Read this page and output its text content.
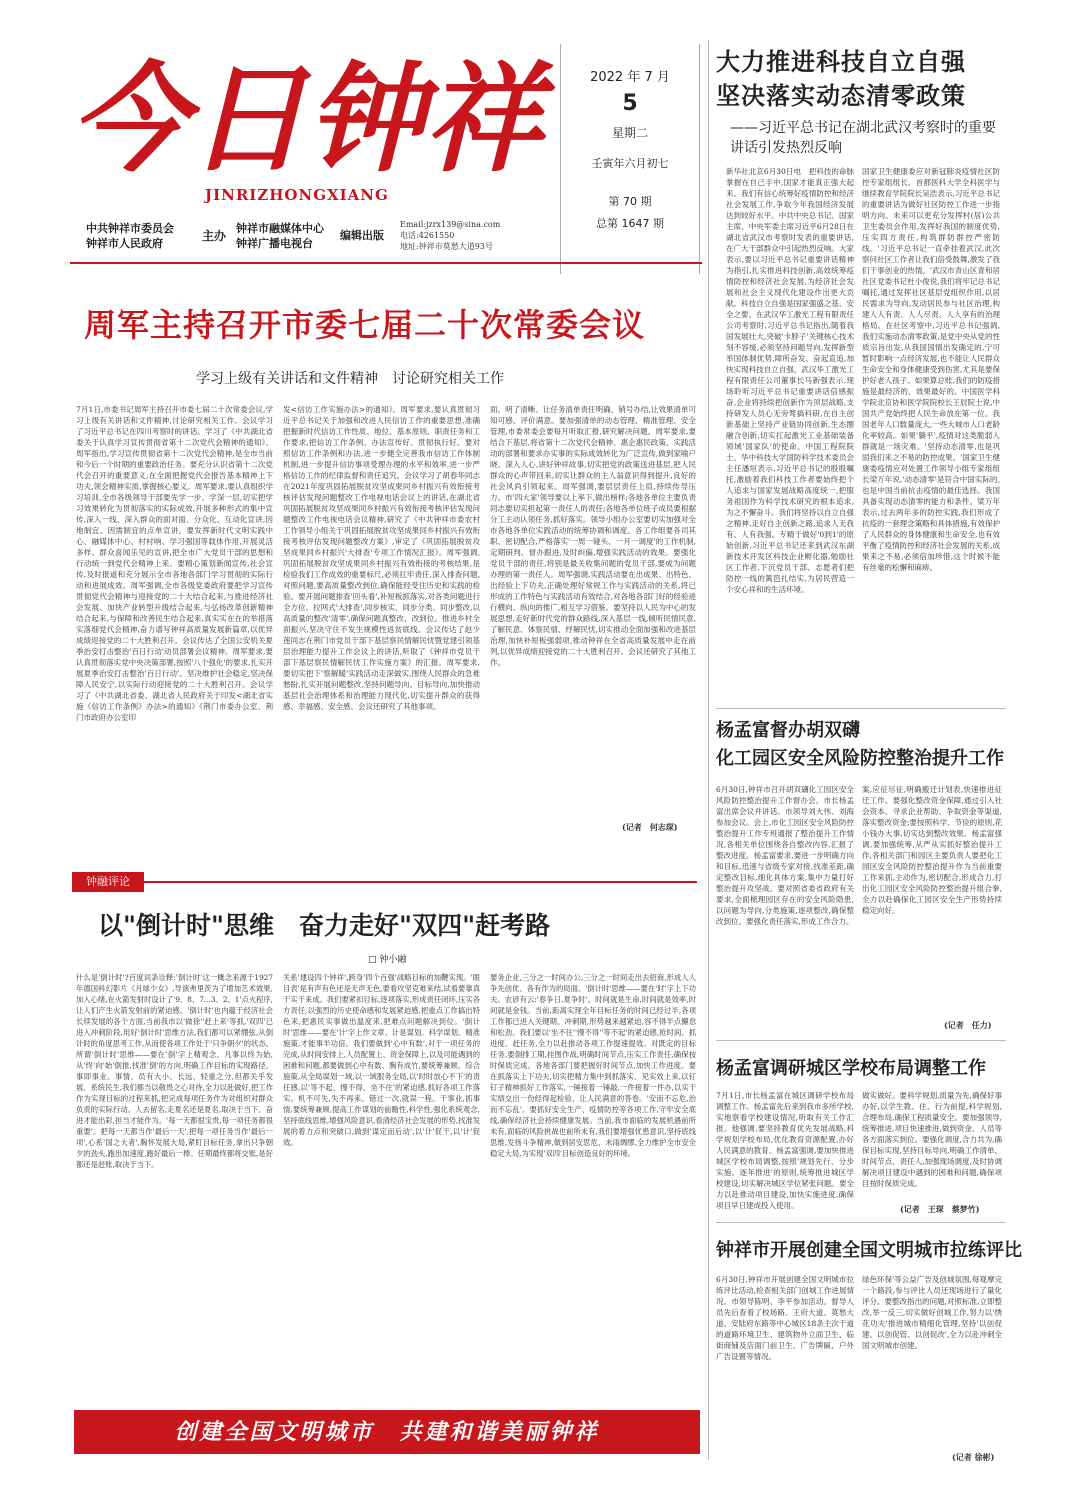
今日钟祥
JINRIZHONGXIANG
中共钟祥市委员会
钟祥市人民政府
主办
钟祥市融媒体中心
钟祥广播电视台
编辑出版
Email:jzrx139@sina.com
电话:4261550
地址:钟祥市莫愁大道93号
2022 年 7 月
5
星期二
壬寅年六月初七
第 70 期
总第 1647 期
大力推进科技自立自强
坚决落实动态清零政策
——习近平总书记在湖北武汉考察时的重要讲话引发热烈反响
新华社北京6月30日电　把科技的命脉掌握在自己手中,国家才能真正强大起来。我们有信心统筹好疫情防控和经济社会发展工作,争取今年我国经济发展达到较好水平。中共中央总书记、国家主席、中央军委主席习近平6月28日在湖北省武汉市考察时发表的重要讲话,在广大干部群众中引起热烈反响。大家表示,要以习近平总书记重要讲话精神为指引,扎实推进科技创新,高效统筹疫情防控和经济社会发展,为经济社会发展和社会主义现代化建设作出更大贡献。科技自立自强是国家强盛之基、安全之要。在武汉华工激光工程有限责任公司考察时,习近平总书记指出,随着我国发展壮大,突破'卡脖子'关键核心技术刻不容缓,必须坚持问题导向,发挥新型举国体制优势,障所奋发、奋起直追,加快实现科技自立自强。武汉华工激光工程有限责任公司董事长马新强表示,现场聆听习近平总书记重要讲话倍感振奋,企业将持续把创新作为顶层战略,支持研发人员心无旁骛搞科研,在自主创新基础上坚持产业链协同创新,生态圈融合创新,切实扛起激光工业基础装备领域'国家队'的使命。中国工程院院士、华中科技大学国防科学技术委员会主任潘垣表示,习近平总书记的殷殷嘱托,激励着我们科技工作者要始终把个人追求与国家发展战略高度统一,把服务祖国作为科学技术研究的根本追求,为之不懈奋斗。我们将坚持以自立自强之精神,走好自主创新之路,追求人无我有、人有我强。专精于做好'0到1'的原始创新,习近平总书记还来到武汉东湖新技术开发区科技企业孵化器,勉励社区工作者,下沉党员干部、志愿者们把防控一线的篱笆扎结实,为居民营造一个安心祥和的生活环境。
国家卫生健康委应对新冠肺炎疫情社区防控专家组组长、首都医科大学全科医学与继续教育学院院长吴浩表示,习近平总书记的重要讲话为做好社区防控工作进一步指明方向。未来可以更充分发挥村(居)公共卫生委员会作用,发挥好我国的制度优势,压实四方责任,构筑群防群控严密防线。'习近平总书记一直牵挂着武汉,此次察问社区工作者让我们倍受鼓舞,激发了我们干事创业的热情。'武汉市青山区青和居社区党委书记杜小俊说,我们将牢记总书记嘱托,通过发挥社区基层党组织作用,以居民需求为导向,发动居民参与社区治理,构建人人有责、人人尽责、人人享有的治理格局。在社区考察中,习近平总书记强调,我们实施动态清零政策,是党中央从党的性质宗旨出发,从我国国情出发确定的,宁可暂时影响一点经济发展,也不能让人民群众生命安全和身体健康受到伤害,尤其是要保护好老人孩子。如果算总账,我们的防疫措施是最经济的、效果最好的。中国医学科学院北京协和医学院院校长王辰院士说,中国共产党始终把人民生命放在第一位。我国老年人口数量庞大,一些大城市人口老龄化率较高。如果'躺平',疫情对这类脆弱人群就是一场灾难。'坚持动态清零,也是巩固我们来之不易的防控成果。'国家卫生健康委疫情应对处置工作领导小组专家组组长梁万年说,'动态清零'是符合中国实际的,也是中国当前抗击疫情的最佳选择。我国具备实现动态清零的能力和条件。梁万年表示,过去两年多的防控实践,我们形成了抗疫的一套理念策略和具体措施,有效保护了人民群众的身体健康和生命安全,也有效平衡了疫情防控和经济社会发展的关系,成果来之不易,必须倍加珍惜,这个时候不能有丝毫的松懈和麻痹。
周军主持召开市委七届二十次常委会议
学习上级有关讲话和文件精神　讨论研究相关工作
7月1日,市委书记周军主持召开市委七届二十次常委会议,学习上级有关讲话和文件精神,讨论研究相关工作。会议学习了习近平总书记在四川考察时的讲话。学习了《中共湖北省委关于认真学习宣传贯彻省第十二次党代会精神的通知》。周军指出,学习宣传贯彻省第十二次党代会精神,是全市当前和今后一个时期的重要政治任务。要充分认识省第十二次党代会召开的重要意义,在全面把握党代会报告基本精神上下功夫,领会精神实质,掌握核心要义。周军要求,要认真组织学习培训,全市各级领导干部要先学一步、学深一层,切实把学习效果转化为贯彻落实的实际成效,开展多种形式的集中宣传,深入一线、深入群众的面对面、分众化、互动化宣讲,因地制宜、因需制宜的点单宣讲。要发挥新时代文明实践中心、融媒体中心、村村响、学习强国等载体作用,开展灵活多样、群众喜闻乐见的宣讲,把全市广大党员干部的思想和行动统一到党代会精神上来。要精心策划新闻宣传,社会宣传,及时报道和充分展示全市各地各部门学习贯彻的实际行动和进展成效。周军强调,全市各级党委政府要把学习宣传贯彻党代会精神与迎接党的二十大结合起来,与推进经济社会发展、加快产业转型升级结合起来,与弘扬改革创新精神结合起来,与保障和改善民生结合起来,真实实在在的举措落实落细党代会精神,奋力谱写钟祥高质量发展新篇章,以优异成绩迎接党的二十大胜利召开。会议传达了全国公安机关夏季治安打击整治'百日行动'动员部署会议精神。周军要求,要认真贯彻落实党中央决策部署,按照'八个强化'的要求,扎实开展夏季治安打击整治'百日行动'。坚决维护社会稳定,坚决保障人民安宁,以实际行动迎接党的二十大胜利召开。会议学习了《中共湖北省委、湖北省人民政府关于印发<湖北省实施《信访工作条例》办法>的通知》《荆门市委办公室、荆门市政府办公室印
发<信访工作实施办法>的通知》。周军要求,要认真贯彻习近平总书记关于加强和改进人民信访工作的重要思想,准确把握新时代信访工作性质、地位、基本原则、职责任务和工作要求,把信访工作条例、办法宣传好、贯彻执行好。要对照信访工作条例和办法,进一步健全完善我市信访工作体制机制,进一步提升信访事项受理办理的水平和效率,进一步严格信访工作的纪律监督和责任追究。会议学习了胡春华同志在2021年度巩固拓展脱贫攻坚成果同乡村振兴有效衔接考核评估发现问题整改工作电视电话会议上的讲话,在湖北省巩固拓展脱贫攻坚成果同乡村振兴有效衔接考核评估发现问题整改工作电视电话会议精神,研究了《中共钟祥市委农村工作领导小组关于巩固拓展脱贫攻坚成果同乡村振兴有效衔接考核评估发现问题整改方案》,审定了《巩固拓展脱贫攻坚成果同乡村振兴'大排查'专项工作情况汇报》。周军强调,巩固拓展脱贫攻坚成果同乡村振兴有效衔接的考核结果,是检验我们工作成效的重要标尺,必须扛牢责任,深入排查问题,对照问题,要高质量整改到位,确保能经受住历史和实践的检验。要开展问题排查'回头看',补短板抓落实,对各类问题进行全方位、拉网式'大排查',同步核实、同步分类、同步整改,以高质量的整改'清零',确保问题真整改、改到位。推进乡村全面振兴,坚决守住不发生规模性返贫底线。会议传达了赵少莲同志在荆门市党员干部下基层察民情解民忧暨党建引领基层治理能力提升工作会议上的讲话,听取了《钟祥市党员干部下基层察民情解民忧工作实施方案》的汇报。周军要求,要切实把下'察解暖'实践活动走深做实,围绕人民群众的急难愁盼,扎实开展问题整改,坚持问题导向、目标导向,加快推动基层社会治理体系和治理能力现代化,切实提升群众的获得感、幸福感、安全感。会议还研究了其他事项。
面、明了清晰、让任务清单责任明确、销号办结,让效果清单可知可感、评价满意。要加强清单的动态管理、精准管理、安全管理,市委常委会要每月听取汇报,研究解决问题。周军要求,要结合下基层,将省第十二次党代会精神、惠企惠民政策、实践活动的部署和要求办实事的实际成效转化为广泛宣传,做到家喻户晓、深入人心,讲好钟祥故事,切实把党的政策送进基层,把人民群众的心声带回来,切实让群众的主人翁意识得到提升,良好的社会风尚引领起来。周军强调,要层层责任上肩,持续传导压力。市'四大家'领导要以上率下,做出榜样;各地各单位主要负责同志要切实担起第一责任人的责任;各地各单位班子成员要根据分工主动认领任务,抓好落实。领导小组办公室要切实加强对全市各地各单位实践活动的统筹协调和调度。各工作组要各司其职、密切配合,严格落实'一周一碰头、一月一调度'的工作机制,定期研判、督办跟进,及时纠偏,增强实践活动的效果。要强化党员干部的责任,将别是最关收集问题的党员干部,要成为问题办理的第一责任人。周军强调,实践活动要在出成果、出特色、出经验上下功夫,正确处理好常规工作与实践活动的关系,将已形成的工作特色与实践活动有效结合,对各地各部门好的经验进行横向、纵向的推广,相互学习借鉴。要坚持以人民为中心的发展思想,走好新时代党的群众路线,深入基层一线,倾听民情民意,了解民意、体察民情、纾解民忧,切实推动全面加强和改进基层治理,加快补短板强弱项,推动钟祥在全省高质量发展中走在前列,以优异成绩迎接党的二十大胜利召开。会议还研究了其他工作。
(记者　何志琛)
钟融评论
以"倒计时"思维　奋力走好"双四"赶考路
□ 钟小融
什么是'倒计时'?百度词条诠释:'倒计时'这一概念来源于1927年德国科幻影片《月球少女》,导演弗里茨为了增加艺术效果,加入心绪,在火箭发射时设计了'9、8、7...3、2、1'点火程序,让人们产生火箭发射前的紧迫感。'倒计时'也内蕴于经济社会长续发展的各个方面,当前我市以'做徐''赶上来'等抓,'双四'已进入冲刺阶段,用好'倒计时'思维方法,我们都可以紧绷弦,从倒计时的角度思考工作,从而使各项工作处于'只争朝夕'的状态。所谓'倒计时'思维——要在'倒'字上精观念。凡事以终为始,从'终'向'始'倒推,找准'倒'的方向,明确工作目标的实现路径。事即事业。事情、员有大小。长远、轻重之分,但都关乎发展、系统民生,我们都当以敬畏之心对待,全力以赴做好,把工作作为实现目标的过程来抓,把完成每项任务作为对组织对群众负责的实际行动。人去留名,走夏名还是夏名,取决于当下。奋进才能出彩,担当才能作为。'每一天都很宝贵,每一项任务都很重要'。把每一天都当作'最后一天',把每一项任务当作'最后一项',心系'国之大者',胸怀发展大局,紧盯目标任务,拿出只争朝夕的劲头,跑出加速度,跑好最后一棒。任期最终都将交账,是好都还是赶账,取决于当下。
关系'建设四个钟祥',跨身'四个百强'战略目标的加鞭实现。'眼目表'是有声有色还是无声无色,要看攻坚克难来结,试看要靠真干实干来成。我们要紧扣目标,逐项落实,形成责任闭环,压实各方责任,以强烈的历史使命感和发展紧迫感,把重点工作搞出特色来,把惠民实事做出温度来,把难点问题解决到位。'倒计时'思维——要在'计'字上作文章。计是谋划。科学谋划、精准施策,才能事半功倍。我们要做到'心中有数',对于一项任务的完成,从时间安排上,人员配置上、资金保障上,以及可能遇到的困难和问题,都要做到心中有数、胸有成竹,要统筹兼顾、综合施策,从全局谋划一域,以一域服务全局,以'时时放心不下'的责任感,以'等不起、慢不得、坐不住'的紧迫感,抓好各项工作落实。机不可失,失不再来。错过一次,就误一程。干事业,抓事情,要统筹兼顾,提高工作谋划的前瞻性,科学性,强化系统观念,坚持底线思维,增强风险意识,看清经济社会发展的形势,找准发展的着力点和突破口,做到'谋定而后动',以'计'促干,以'计'促效。
要务企业,三分之一时间办公,三分之一时间走出去招商,形成人人争先创优、各有作为的局面。'倒计时'思维——要在'时'字上下功夫。农谚有云:'春争日,夏争时'。时间就是生命,时间就是效率,时间就是金钱。当前,距离实现全年目标任务的时间已经过半,各项工作都已进入关键期、冲刺期,形势越来越紧迫,容不得半点懈怠和松劲。我们要以'坐不住''慢不得''等不起'的紧迫感,抢时间、抓进度、赶任务,全力以赴推动各项工作提速提效。对既定的目标任务,要倒排工期,挂图作战,明确时间节点,压实工作责任,确保按时保质完成。各地各部门要把握好时间节点,加快工作进度。要在抓落实上下功夫,切实把精力集中到抓落实、见实效上来,以钉钉子精神抓好工作落实,一锤接着一锤敲,一件接着一件办,以实干实绩交出一份经得起检验、让人民满意的答卷。'安而不忘危,治而不忘乱'。要抓好安全生产、疫情防控等各项工作,守牢安全底线,确保经济社会持续健康发展。当前,我市面临的发展机遇前所未有,面临的风险挑战也前所未有,我们要增强忧患意识,坚持底线思维,发扬斗争精神,做到居安思危、未雨绸缪,全力维护全市安全稳定大局,为实现'双四'目标创造良好的环境。
杨孟富督办胡双礴
化工园区安全风险防控整治提升工作
6月30日,钟祥市召开胡双礴化工园区安全风险防控整治提升工作督办会。市长杨孟富出席会议并讲话。市领导刘大伟、刘海参加会议。会上,市化工园区安全风险防控整治提升工作专班通报了整治提升工作情况,各相关单位围绕各自整改内容,汇报了整改进度。杨孟富要求,要进一步明确方向和目标,迅速与省级专家对接,找准差距,确定整改目标,细化具体方案,集中力量打好整治提升攻坚战。要对照省委省政府有关要求,全面梳理园区存在的安全风险隐患,以问题为导向,分类施策,逐项整改,确保整改到位。要强化责任落实,形成工作合力。
案,应征尽征,明确搬迁计划表,快速推进征迁工作。要强化整改资金保障,通过引入社会资本、寻求企业帮助、争取资金等渠道,落实整改资金;要按照科学、节俭的原则,花小钱办大事,切实达到整改效果。杨孟富强调,要加强统筹,从严从实抓好整治提升工作,各相关部门和园区主要负责人要把化工园区安全风险防控整治提升作为当前重要工作来抓,主动作为,密切配合,形成合力,打出化工园区安全风险防控整治提升组合拳,全力以赴确保化工园区安全生产形势持续稳定向好。
(记者　任力)
杨孟富调研城区学校布局调整工作
7月1日,市长杨孟富在城区调研学校布局调整工作。杨孟富先后来到我市多所学校,实地察看学校建设情况,听取有关工作汇报。他强调,要坚持教育优先发展战略,科学规划学校布局,优化教育资源配置,办好人民满意的教育。杨孟富强调,要加快推进城区学校布局调整,按照'规划先行、分步实施、逐年推进'的原则,统筹推进城区学校建设,切实解决城区学位紧张问题。要全力以赴推动项目建设,加快实施进度,确保项目早日建成投入使用。
做实做好。要科学规划,质量为先,确保好事办好,以学生教、住、行为前提,科学规划,合理布局,确保工程质量安全。要加强领导,统筹推进,项目快速推进,做到资金、人员等各方面落实到位。要强化调度,合力共为,确保目标实现,坚持目标导向,明确工作清单、时间节点、责任人,加强现场调度,及时协调解决项目建设中遇到的困难和问题,确保项目按时保质完成。
(记者　王琛　蔡梦竹)
钟祥市开展创建全国文明城市拉练评比
6月30日,钟祥市开展创建全国文明城市拉练评比活动,检查相关部门创城工作进展情况。市领导陈明、李平参加活动。督导人员先后查看了校场路、王府大道、莫愁大道、安陆府东路等中心城区18条主次干道的道路环境卫生、建筑物外立面卫生、临街商铺及店面门前卫生、广告牌匾、户外广告设置等情况。
绿色环保'等公益广告及创城氛围,每观摩完一个路段,参与评比人员还现场进行了量化评分。要整改指出的问题,对照标准,立即整改,举一反三,切实做好创城工作,努力以'绣花功夫'推进城市精细化管理,坚持'以创促建、以创促管、以创促改',全力以赴冲刺全国文明城市创建。
(记者 徐彬)
创建全国文明城市　共建和谐美丽钟祥
